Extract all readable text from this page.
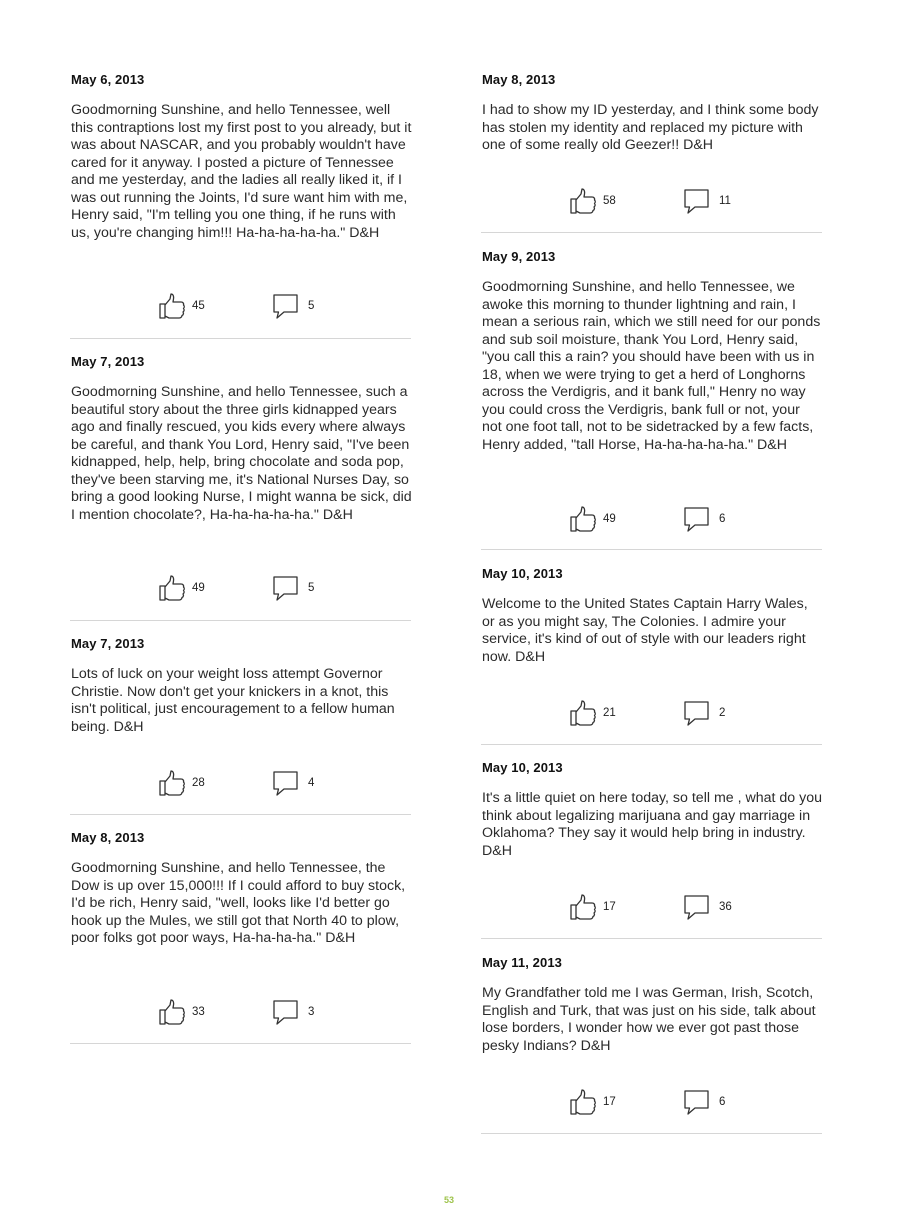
May 6, 2013
Goodmorning Sunshine, and hello Tennessee, well this contraptions lost my first post to you already, but it was about NASCAR, and you probably wouldn't have cared for it anyway. I posted a picture of Tennessee and me yesterday, and the ladies all really liked it, if I was out running the Joints, I'd sure want him with me, Henry said, "I'm telling you one thing, if he runs with us, you're changing him!!! Ha-ha-ha-ha-ha." D&H
45	5
May 7, 2013
Goodmorning Sunshine, and hello Tennessee, such a beautiful story about the three girls kidnapped years ago and finally rescued, you kids every where always be careful, and thank You Lord, Henry said, "I've been kidnapped, help, help, bring chocolate and soda pop, they've been starving me, it's National Nurses Day, so bring a good looking Nurse, I might wanna be sick, did I mention chocolate?, Ha-ha-ha-ha-ha." D&H
49	5
May 7, 2013
Lots of luck on your weight loss attempt Governor Christie. Now don't get your knickers in a knot, this isn't political, just encouragement to a fellow human being. D&H
28	4
May 8, 2013
Goodmorning Sunshine, and hello Tennessee, the Dow is up over 15,000!!! If I could afford to buy stock, I'd be rich, Henry said, "well, looks like I'd better go hook up the Mules, we still got that North 40 to plow, poor folks got poor ways, Ha-ha-ha-ha." D&H
33	3
May 8, 2013
I had to show my ID yesterday, and I think some body has stolen my identity and replaced my picture with one of some really old Geezer!! D&H
58	11
May 9, 2013
Goodmorning Sunshine, and hello Tennessee, we awoke this morning to thunder lightning and rain, I mean a serious rain, which we still need for our ponds and sub soil moisture, thank You Lord, Henry said, "you call this a rain? you should have been with us in 18, when we were trying to get a herd of Longhorns across the Verdigris, and it bank full," Henry no way you could cross the Verdigris, bank full or not, your not one foot tall, not to be sidetracked by a few facts, Henry added, "tall Horse, Ha-ha-ha-ha-ha." D&H
49	6
May 10, 2013
Welcome to the United States Captain Harry Wales, or as you might say, The Colonies. I admire your service, it's kind of out of style with our leaders right now. D&H
21	2
May 10, 2013
It's a little quiet on here today, so tell me , what do you think about legalizing marijuana and gay marriage in Oklahoma? They say it would help bring in industry. D&H
17	36
May 11, 2013
My Grandfather told me I was German, Irish, Scotch, English and Turk, that was just on his side, talk about lose borders, I wonder how we ever got past those pesky Indians? D&H
17	6
53
